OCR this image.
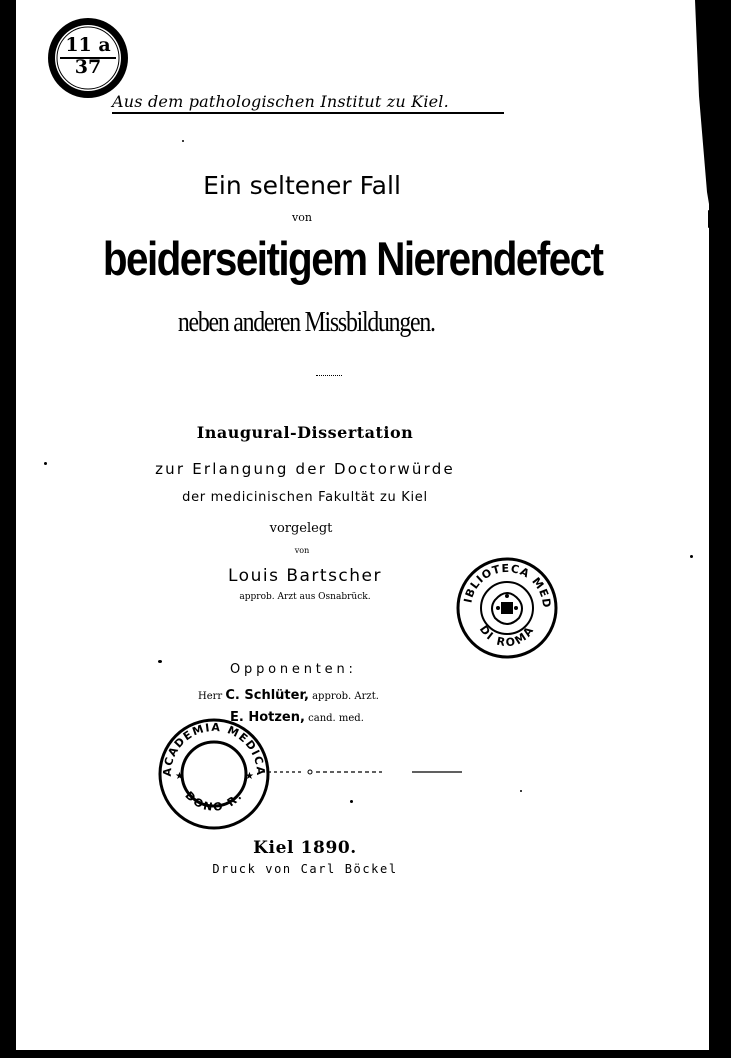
11 a
37
Aus dem pathologischen Institut zu Kiel.
Ein seltener Fall
von
beiderseitigem Nierendefect
neben anderen Missbildungen.
Inaugural-Dissertation
zur Erlangung der Doctorwürde
der medicinischen Fakultät zu Kiel
vorgelegt
von
Louis Bartscher
approb. Arzt aus Osnabrück.
Opponenten:
Herr C. Schlüter, approb. Arzt.
E. Hotzen, cand. med.
Kiel 1890.
Druck von Carl Böckel
IBLIOTECA MED
DI ROMA
ACADEMIA MEDICA
DONO R.
★	★
